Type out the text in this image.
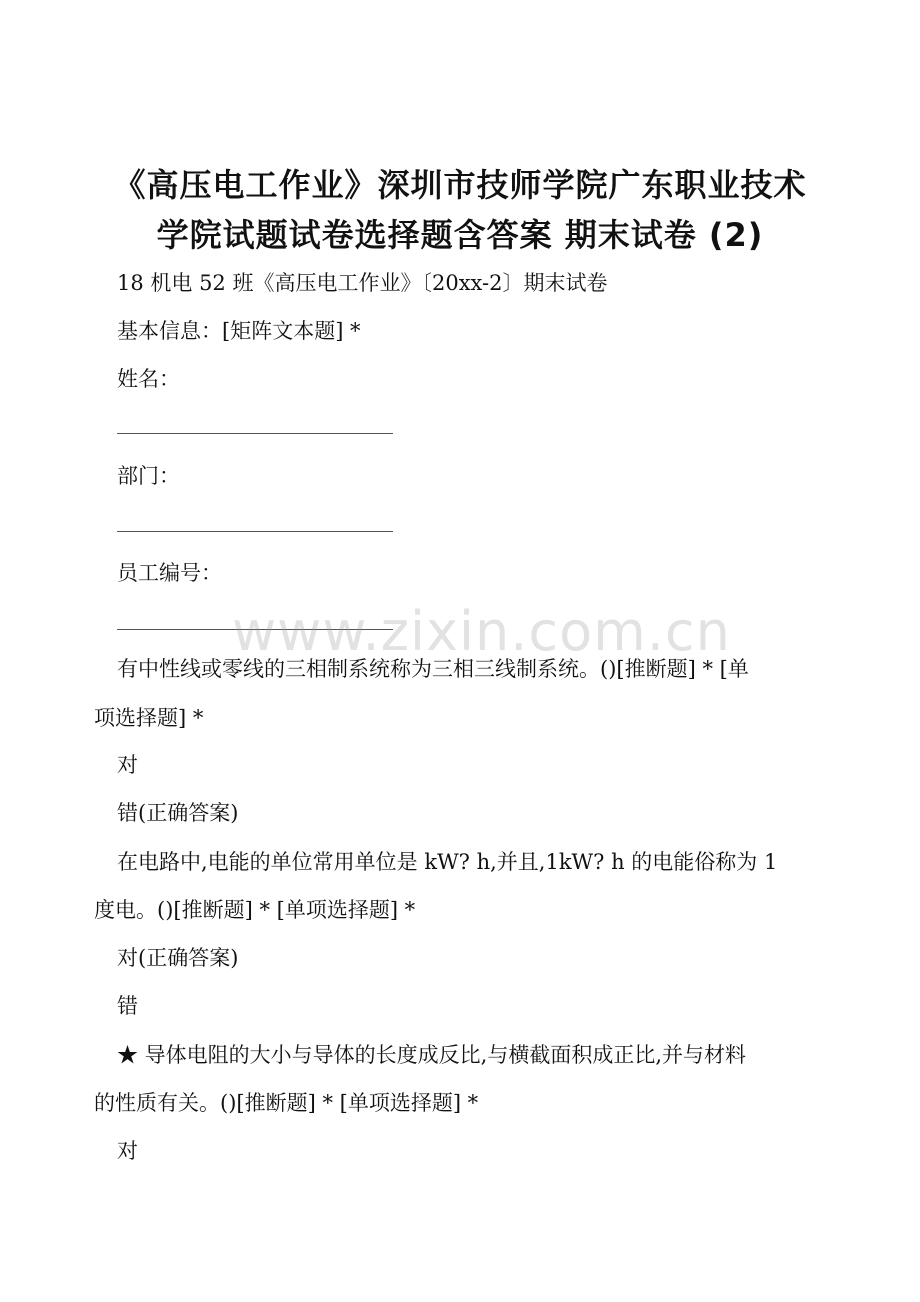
《高压电工作业》深圳市技师学院广东职业技术
学院试题试卷选择题含答案 期末试卷 (2)

18 机电 52 班《高压电工作业》〔20xx-2〕期末试卷

基本信息：[矩阵文本题] *

姓名：

部门：

员工编号：

有中性线或零线的三相制系统称为三相三线制系统。()[推断题] * [单

项选择题] *

对

错(正确答案)

在电路中,电能的单位常用单位是 kW? h,并且,1kW? h 的电能俗称为 1

度电。()[推断题] * [单项选择题] *

对(正确答案)

错

★ 导体电阻的大小与导体的长度成反比,与横截面积成正比,并与材料

的性质有关。()[推断题] * [单项选择题] *

对

www.zixin.com.cn
